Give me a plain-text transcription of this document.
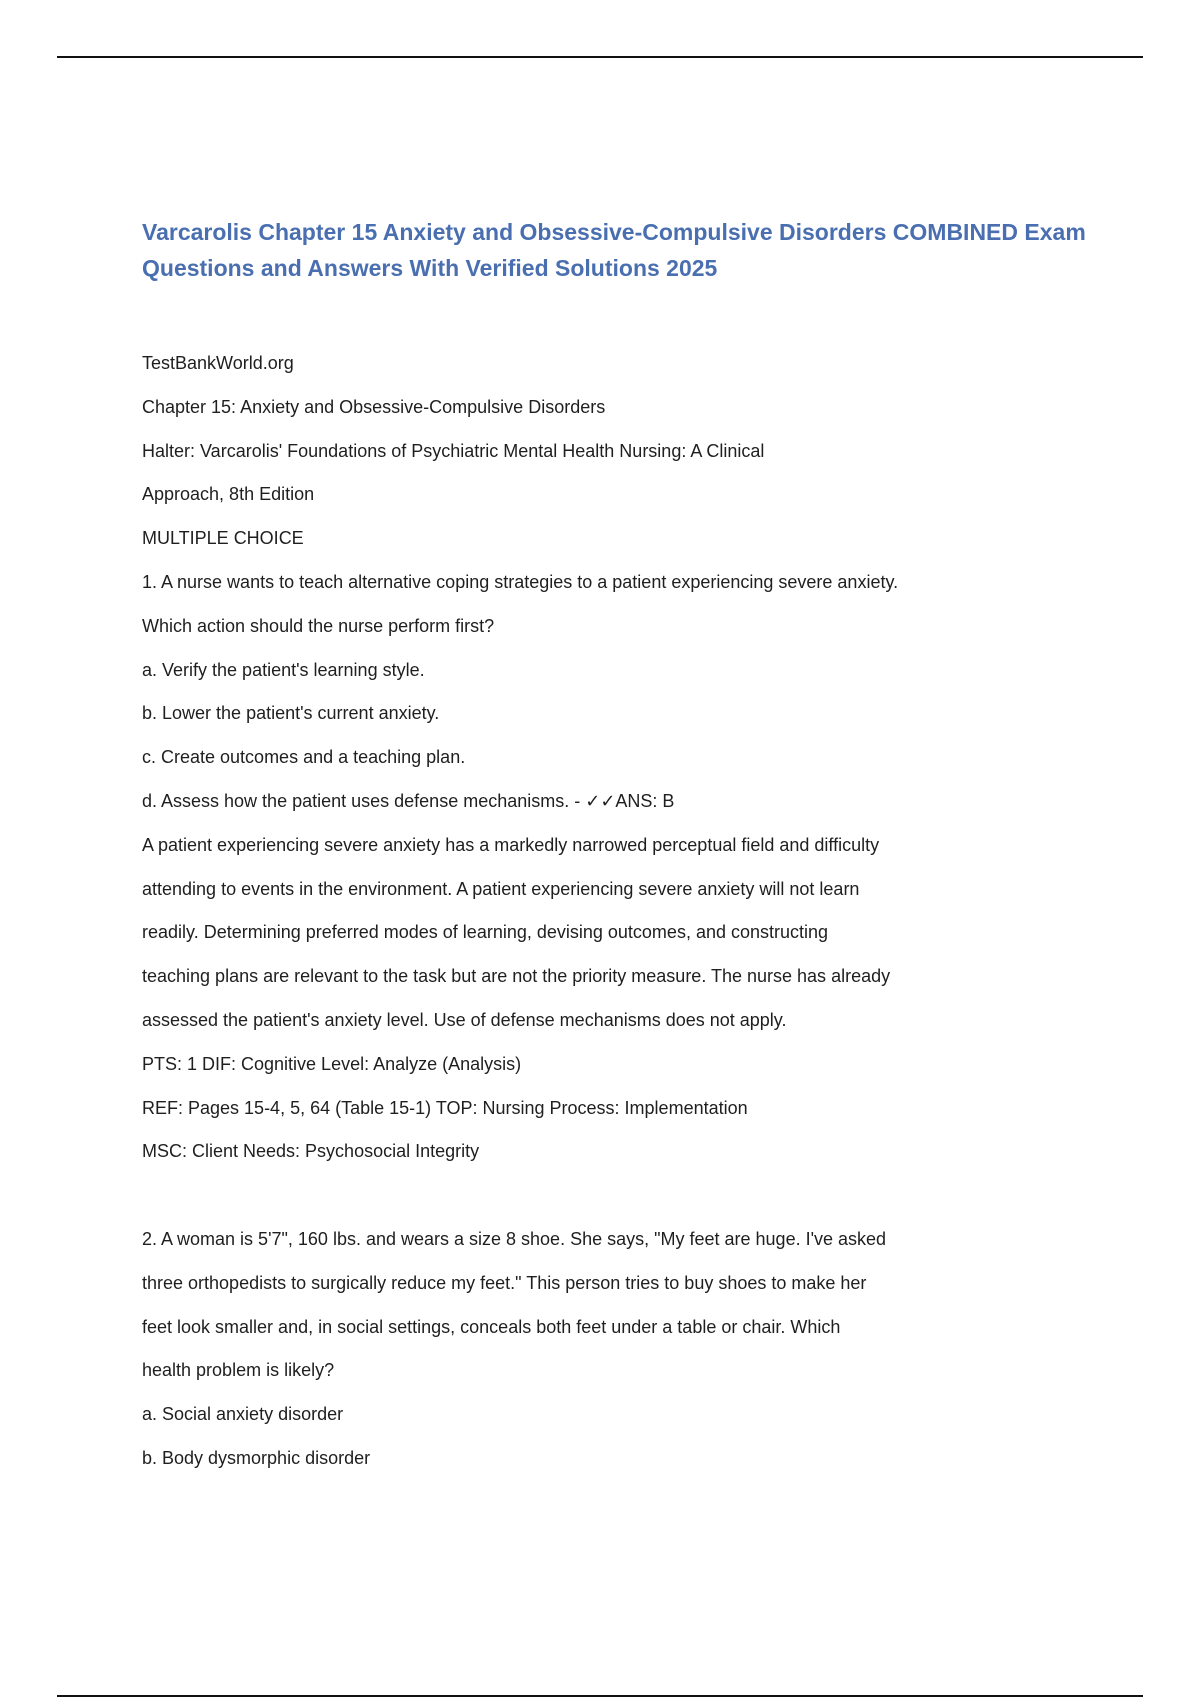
Varcarolis Chapter 15 Anxiety and Obsessive-Compulsive Disorders COMBINED Exam Questions and Answers With Verified Solutions 2025

TestBankWorld.org

Chapter 15: Anxiety and Obsessive-Compulsive Disorders

Halter: Varcarolis' Foundations of Psychiatric Mental Health Nursing: A Clinical

Approach, 8th Edition

MULTIPLE CHOICE

1. A nurse wants to teach alternative coping strategies to a patient experiencing severe anxiety.

Which action should the nurse perform first?

a. Verify the patient's learning style.

b. Lower the patient's current anxiety.

c. Create outcomes and a teaching plan.

d. Assess how the patient uses defense mechanisms. - ✓✓ANS: B

A patient experiencing severe anxiety has a markedly narrowed perceptual field and difficulty

attending to events in the environment. A patient experiencing severe anxiety will not learn

readily. Determining preferred modes of learning, devising outcomes, and constructing

teaching plans are relevant to the task but are not the priority measure. The nurse has already

assessed the patient's anxiety level. Use of defense mechanisms does not apply.

PTS: 1 DIF: Cognitive Level: Analyze (Analysis)

REF: Pages 15-4, 5, 64 (Table 15-1) TOP: Nursing Process: Implementation

MSC: Client Needs: Psychosocial Integrity

2. A woman is 5'7", 160 lbs. and wears a size 8 shoe. She says, "My feet are huge. I've asked

three orthopedists to surgically reduce my feet." This person tries to buy shoes to make her

feet look smaller and, in social settings, conceals both feet under a table or chair. Which

health problem is likely?

a. Social anxiety disorder

b. Body dysmorphic disorder
